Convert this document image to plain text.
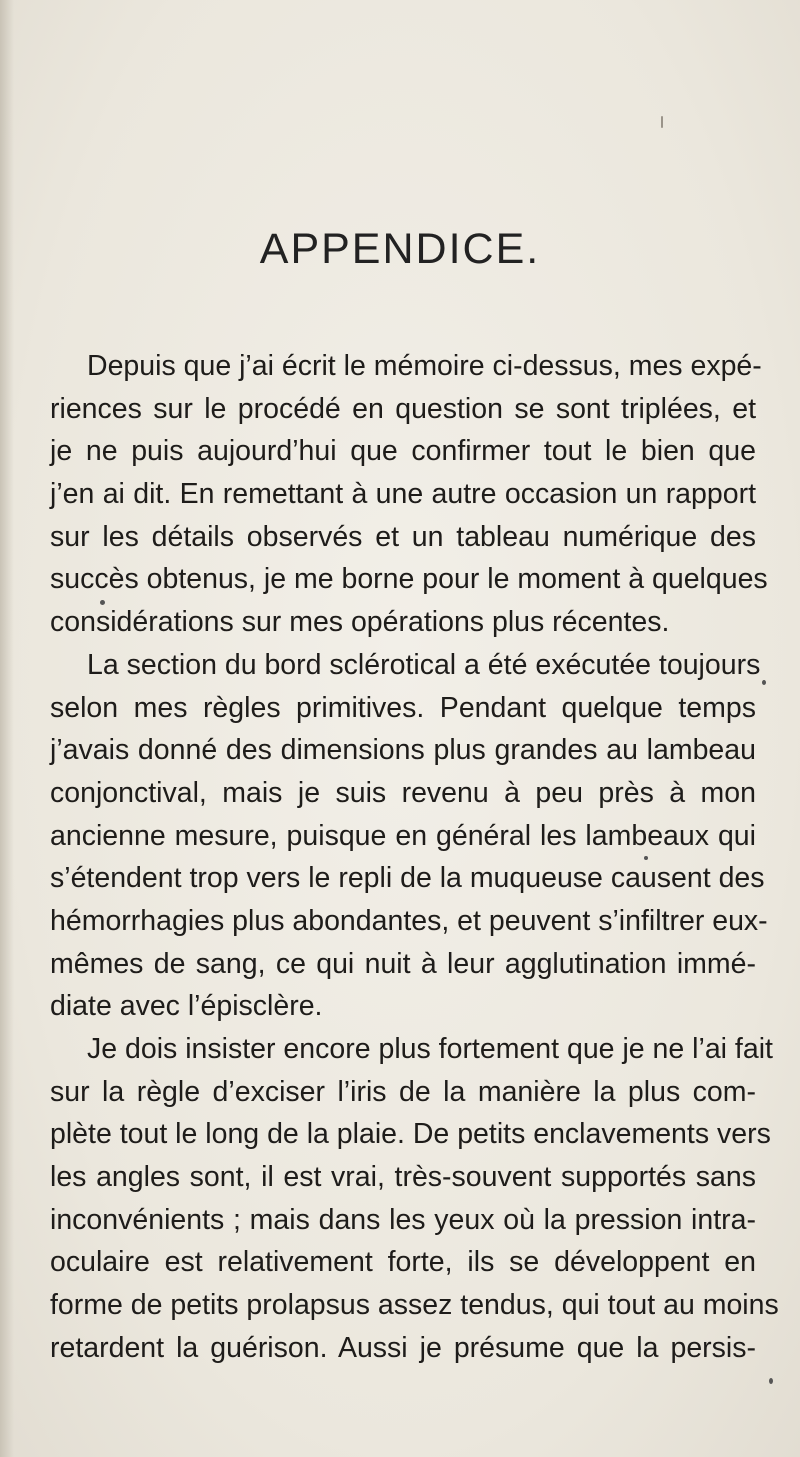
APPENDICE.
Depuis que j’ai écrit le mémoire ci-dessus, mes expé-
riences sur le procédé en question se sont triplées, et
je ne puis aujourd’hui que confirmer tout le bien que
j’en ai dit. En remettant à une autre occasion un rapport
sur les détails observés et un tableau numérique des
succès obtenus, je me borne pour le moment à quelques
considérations sur mes opérations plus récentes.
La section du bord sclérotical a été exécutée toujours
selon mes règles primitives. Pendant quelque temps
j’avais donné des dimensions plus grandes au lambeau
conjonctival, mais je suis revenu à peu près à mon
ancienne mesure, puisque en général les lambeaux qui
s’étendent trop vers le repli de la muqueuse causent des
hémorrhagies plus abondantes, et peuvent s’infiltrer eux-
mêmes de sang, ce qui nuit à leur agglutination immé-
diate avec l’épisclère.
Je dois insister encore plus fortement que je ne l’ai fait
sur la règle d’exciser l’iris de la manière la plus com-
plète tout le long de la plaie. De petits enclavements vers
les angles sont, il est vrai, très-souvent supportés sans
inconvénients ; mais dans les yeux où la pression intra-
oculaire est relativement forte, ils se développent en
forme de petits prolapsus assez tendus, qui tout au moins
retardent la guérison. Aussi je présume que la persis-
